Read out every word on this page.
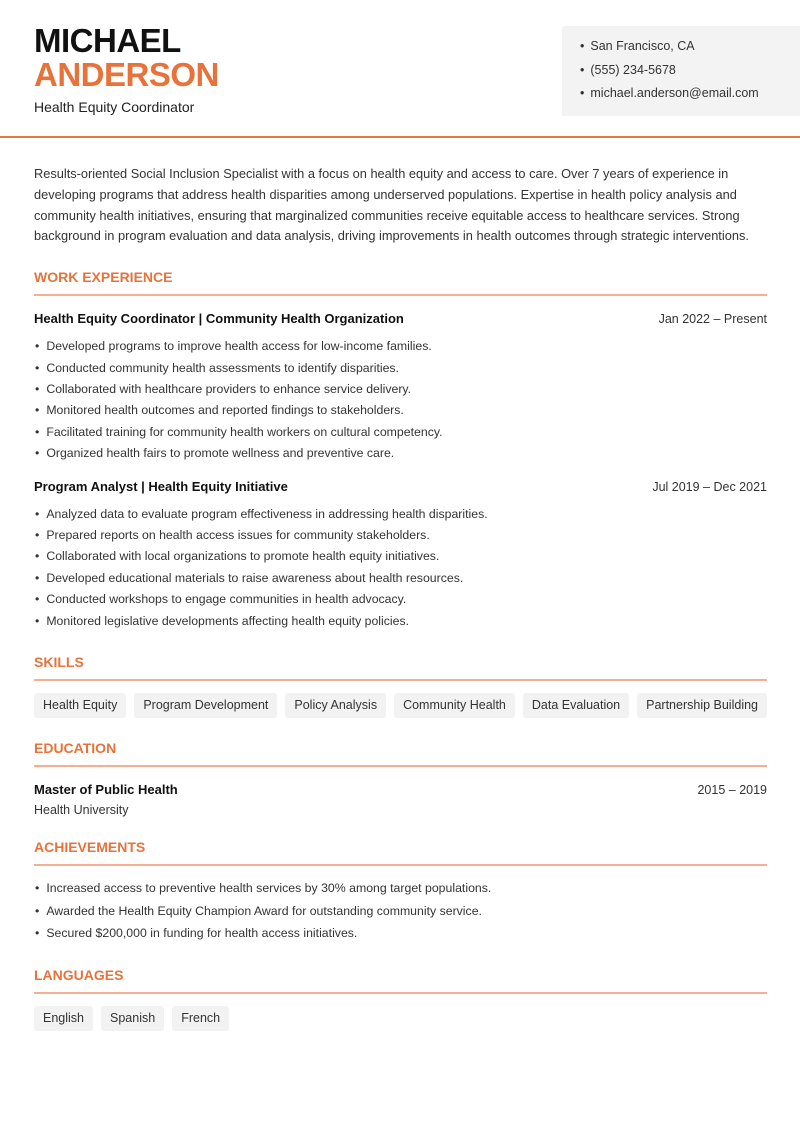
MICHAEL
ANDERSON
Health Equity Coordinator
• San Francisco, CA
• (555) 234-5678
• michael.anderson@email.com

Results-oriented Social Inclusion Specialist with a focus on health equity and access to care. Over 7 years of experience in developing programs that address health disparities among underserved populations. Expertise in health policy analysis and community health initiatives, ensuring that marginalized communities receive equitable access to healthcare services. Strong background in program evaluation and data analysis, driving improvements in health outcomes through strategic interventions.

WORK EXPERIENCE
Health Equity Coordinator | Community Health Organization	Jan 2022 – Present
• Developed programs to improve health access for low-income families.
• Conducted community health assessments to identify disparities.
• Collaborated with healthcare providers to enhance service delivery.
• Monitored health outcomes and reported findings to stakeholders.
• Facilitated training for community health workers on cultural competency.
• Organized health fairs to promote wellness and preventive care.
Program Analyst | Health Equity Initiative	Jul 2019 – Dec 2021
• Analyzed data to evaluate program effectiveness in addressing health disparities.
• Prepared reports on health access issues for community stakeholders.
• Collaborated with local organizations to promote health equity initiatives.
• Developed educational materials to raise awareness about health resources.
• Conducted workshops to engage communities in health advocacy.
• Monitored legislative developments affecting health equity policies.
SKILLS
Health Equity	Program Development	Policy Analysis	Community Health	Data Evaluation	Partnership Building
EDUCATION
Master of Public Health	2015 – 2019
Health University
ACHIEVEMENTS
• Increased access to preventive health services by 30% among target populations.
• Awarded the Health Equity Champion Award for outstanding community service.
• Secured $200,000 in funding for health access initiatives.
LANGUAGES
English	Spanish	French
